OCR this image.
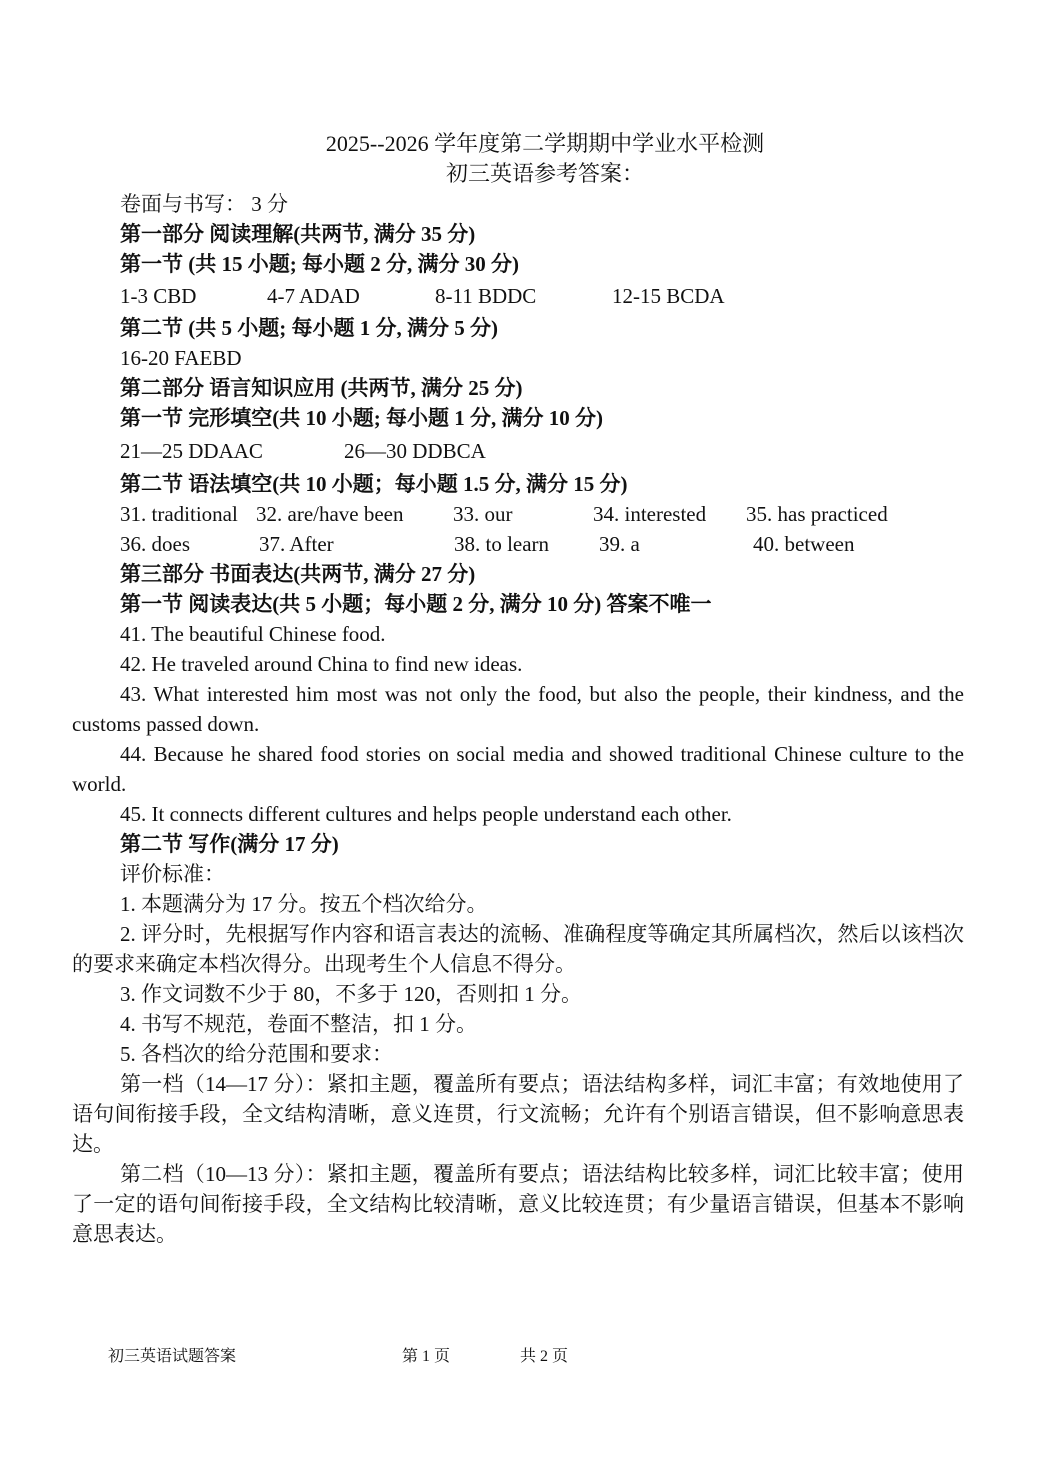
2025--2026 学年度第二学期期中学业水平检测
初三英语参考答案：
卷面与书写： 3 分
第一部分 阅读理解(共两节, 满分 35 分)
第一节 (共 15 小题; 每小题 2 分, 满分 30 分)
1-3 CBD	4-7 ADAD	8-11 BDDC	12-15 BCDA
第二节 (共 5 小题; 每小题 1 分, 满分 5 分)
16-20 FAEBD
第二部分 语言知识应用 (共两节, 满分 25 分)
第一节 完形填空(共 10 小题; 每小题 1 分, 满分 10 分)
21—25 DDAAC	26—30 DDBCA
第二节 语法填空(共 10 小题；每小题 1.5 分, 满分 15 分)
31. traditional 32. are/have been 33. our	34. interested 35. has practiced
36. does	37. After	38. to learn 39. a	40. between
第三部分 书面表达(共两节, 满分 27 分)
第一节 阅读表达(共 5 小题；每小题 2 分, 满分 10 分) 答案不唯一
41. The beautiful Chinese food.
42. He traveled around China to find new ideas.
43. What interested him most was not only the food, but also the people, their kindness, and the customs passed down.
44. Because he shared food stories on social media and showed traditional Chinese culture to the world.
45. It connects different cultures and helps people understand each other.
第二节 写作(满分 17 分)
评价标准：
1. 本题满分为 17 分。按五个档次给分。
2. 评分时，先根据写作内容和语言表达的流畅、准确程度等确定其所属档次，然后以该档次的要求来确定本档次得分。出现考生个人信息不得分。
3. 作文词数不少于 80，不多于 120，否则扣 1 分。
4. 书写不规范，卷面不整洁，扣 1 分。
5. 各档次的给分范围和要求：
第一档（14—17 分）：紧扣主题，覆盖所有要点；语法结构多样，词汇丰富；有效地使用了语句间衔接手段，全文结构清晰，意义连贯，行文流畅；允许有个别语言错误，但不影响意思表达。
第二档（10—13 分）：紧扣主题，覆盖所有要点；语法结构比较多样，词汇比较丰富；使用了一定的语句间衔接手段，全文结构比较清晰，意义比较连贯；有少量语言错误，但基本不影响意思表达。
初三英语试题答案	第 1 页	共 2 页
